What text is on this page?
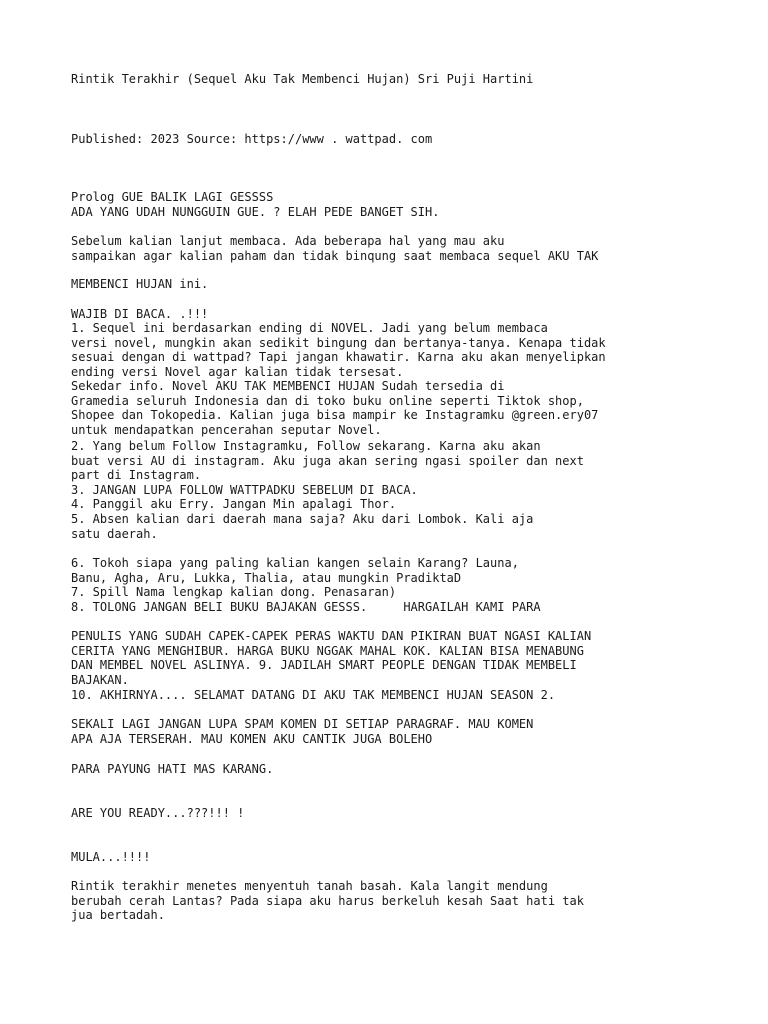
Rintik Terakhir (Sequel Aku Tak Membenci Hujan) Sri Puji Hartini

Published: 2023 Source: https://www . wattpad. com

Prolog GUE BALIK LAGI GESSSS

ADA YANG UDAH NUNGGUIN GUE. ? ELAH PEDE BANGET SIH.

Sebelum kalian lanjut membaca. Ada beberapa hal yang mau aku

sampaikan agar kalian paham dan tidak binqung saat membaca sequel AKU TAK

MEMBENCI HUJAN ini.

WAJIB DI BACA. .!!!

1. Sequel ini berdasarkan ending di NOVEL. Jadi yang belum membaca

versi novel, mungkin akan sedikit bingung dan bertanya-tanya. Kenapa tidak

sesuai dengan di wattpad? Tapi jangan khawatir. Karna aku akan menyelipkan

ending versi Novel agar kalian tidak tersesat.

Sekedar info. Novel AKU TAK MEMBENCI HUJAN Sudah tersedia di

Gramedia seluruh Indonesia dan di toko buku online seperti Tiktok shop,

Shopee dan Tokopedia. Kalian juga bisa mampir ke Instagramku @green.ery07

untuk mendapatkan pencerahan seputar Novel.

2. Yang belum Follow Instagramku, Follow sekarang. Karna aku akan

buat versi AU di instagram. Aku juga akan sering ngasi spoiler dan next

part di Instagram.

3. JANGAN LUPA FOLLOW WATTPADKU SEBELUM DI BACA.

4. Panggil aku Erry. Jangan Min apalagi Thor.

5. Absen kalian dari daerah mana saja? Aku dari Lombok. Kali aja

satu daerah.

6. Tokoh siapa yang paling kalian kangen selain Karang? Launa,

Banu, Agha, Aru, Lukka, Thalia, atau mungkin PradiktaD

7. Spill Nama lengkap kalian dong. Penasaran)

8. TOLONG JANGAN BELI BUKU BAJAKAN GESSS.     HARGAILAH KAMI PARA

PENULIS YANG SUDAH CAPEK-CAPEK PERAS WAKTU DAN PIKIRAN BUAT NGASI KALIAN

CERITA YANG MENGHIBUR. HARGA BUKU NGGAK MAHAL KOK. KALIAN BISA MENABUNG

DAN MEMBEL NOVEL ASLINYA. 9. JADILAH SMART PEOPLE DENGAN TIDAK MEMBELI

BAJAKAN.

10. AKHIRNYA.... SELAMAT DATANG DI AKU TAK MEMBENCI HUJAN SEASON 2.

SEKALI LAGI JANGAN LUPA SPAM KOMEN DI SETIAP PARAGRAF. MAU KOMEN

APA AJA TERSERAH. MAU KOMEN AKU CANTIK JUGA BOLEHO

PARA PAYUNG HATI MAS KARANG.

ARE YOU READY...???!!! !

MULA...!!!!

Rintik terakhir menetes menyentuh tanah basah. Kala langit mendung

berubah cerah Lantas? Pada siapa aku harus berkeluh kesah Saat hati tak

jua bertadah.
